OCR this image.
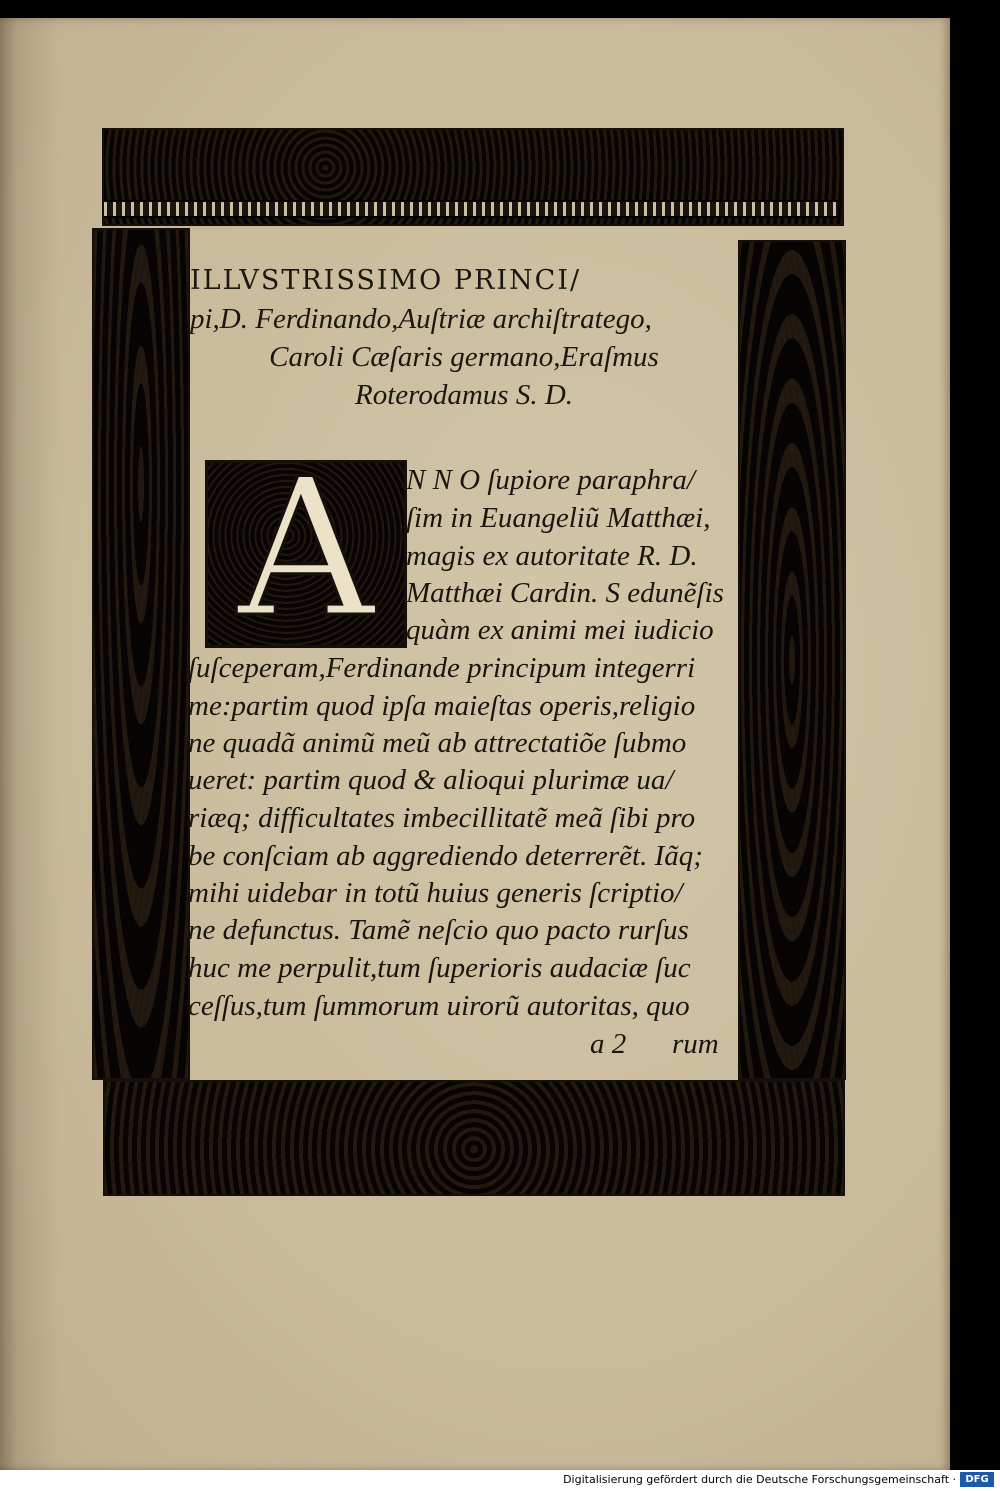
ILLVSTRISSIMO PRINCI/
pi,D. Ferdinando,Auſtriæ archiſtratego,
Caroli Cæſaris germano,Eraſmus
Roterodamus S. D.
A	N N O ſupiore paraphra/
ſim in Euangeliũ Matthæi,
magis ex autoritate R. D.
Matthæi Cardin. S edunẽſis
quàm ex animi mei iudicio
ſuſceperam,Ferdinande principum integerri
me:partim quod ipſa maieſtas operis,religio
ne quadã animũ meũ ab attrectatiõe ſubmo
ueret: partim quod & alioqui plurimæ ua/
riæq; difficultates imbecillitatẽ meã ſibi pro
be conſciam ab aggrediendo deterrerẽt. Iãq;
mihi uidebar in totũ huius generis ſcriptio/
ne defunctus. Tamẽ neſcio quo pacto rurſus
huc me perpulit,tum ſuperioris audaciæ ſuc
ceſſus,tum ſummorum uirorũ autoritas, quo
a 2 rum
Digitalisierung gefördert durch die Deutsche Forschungsgemeinschaft · DFG
